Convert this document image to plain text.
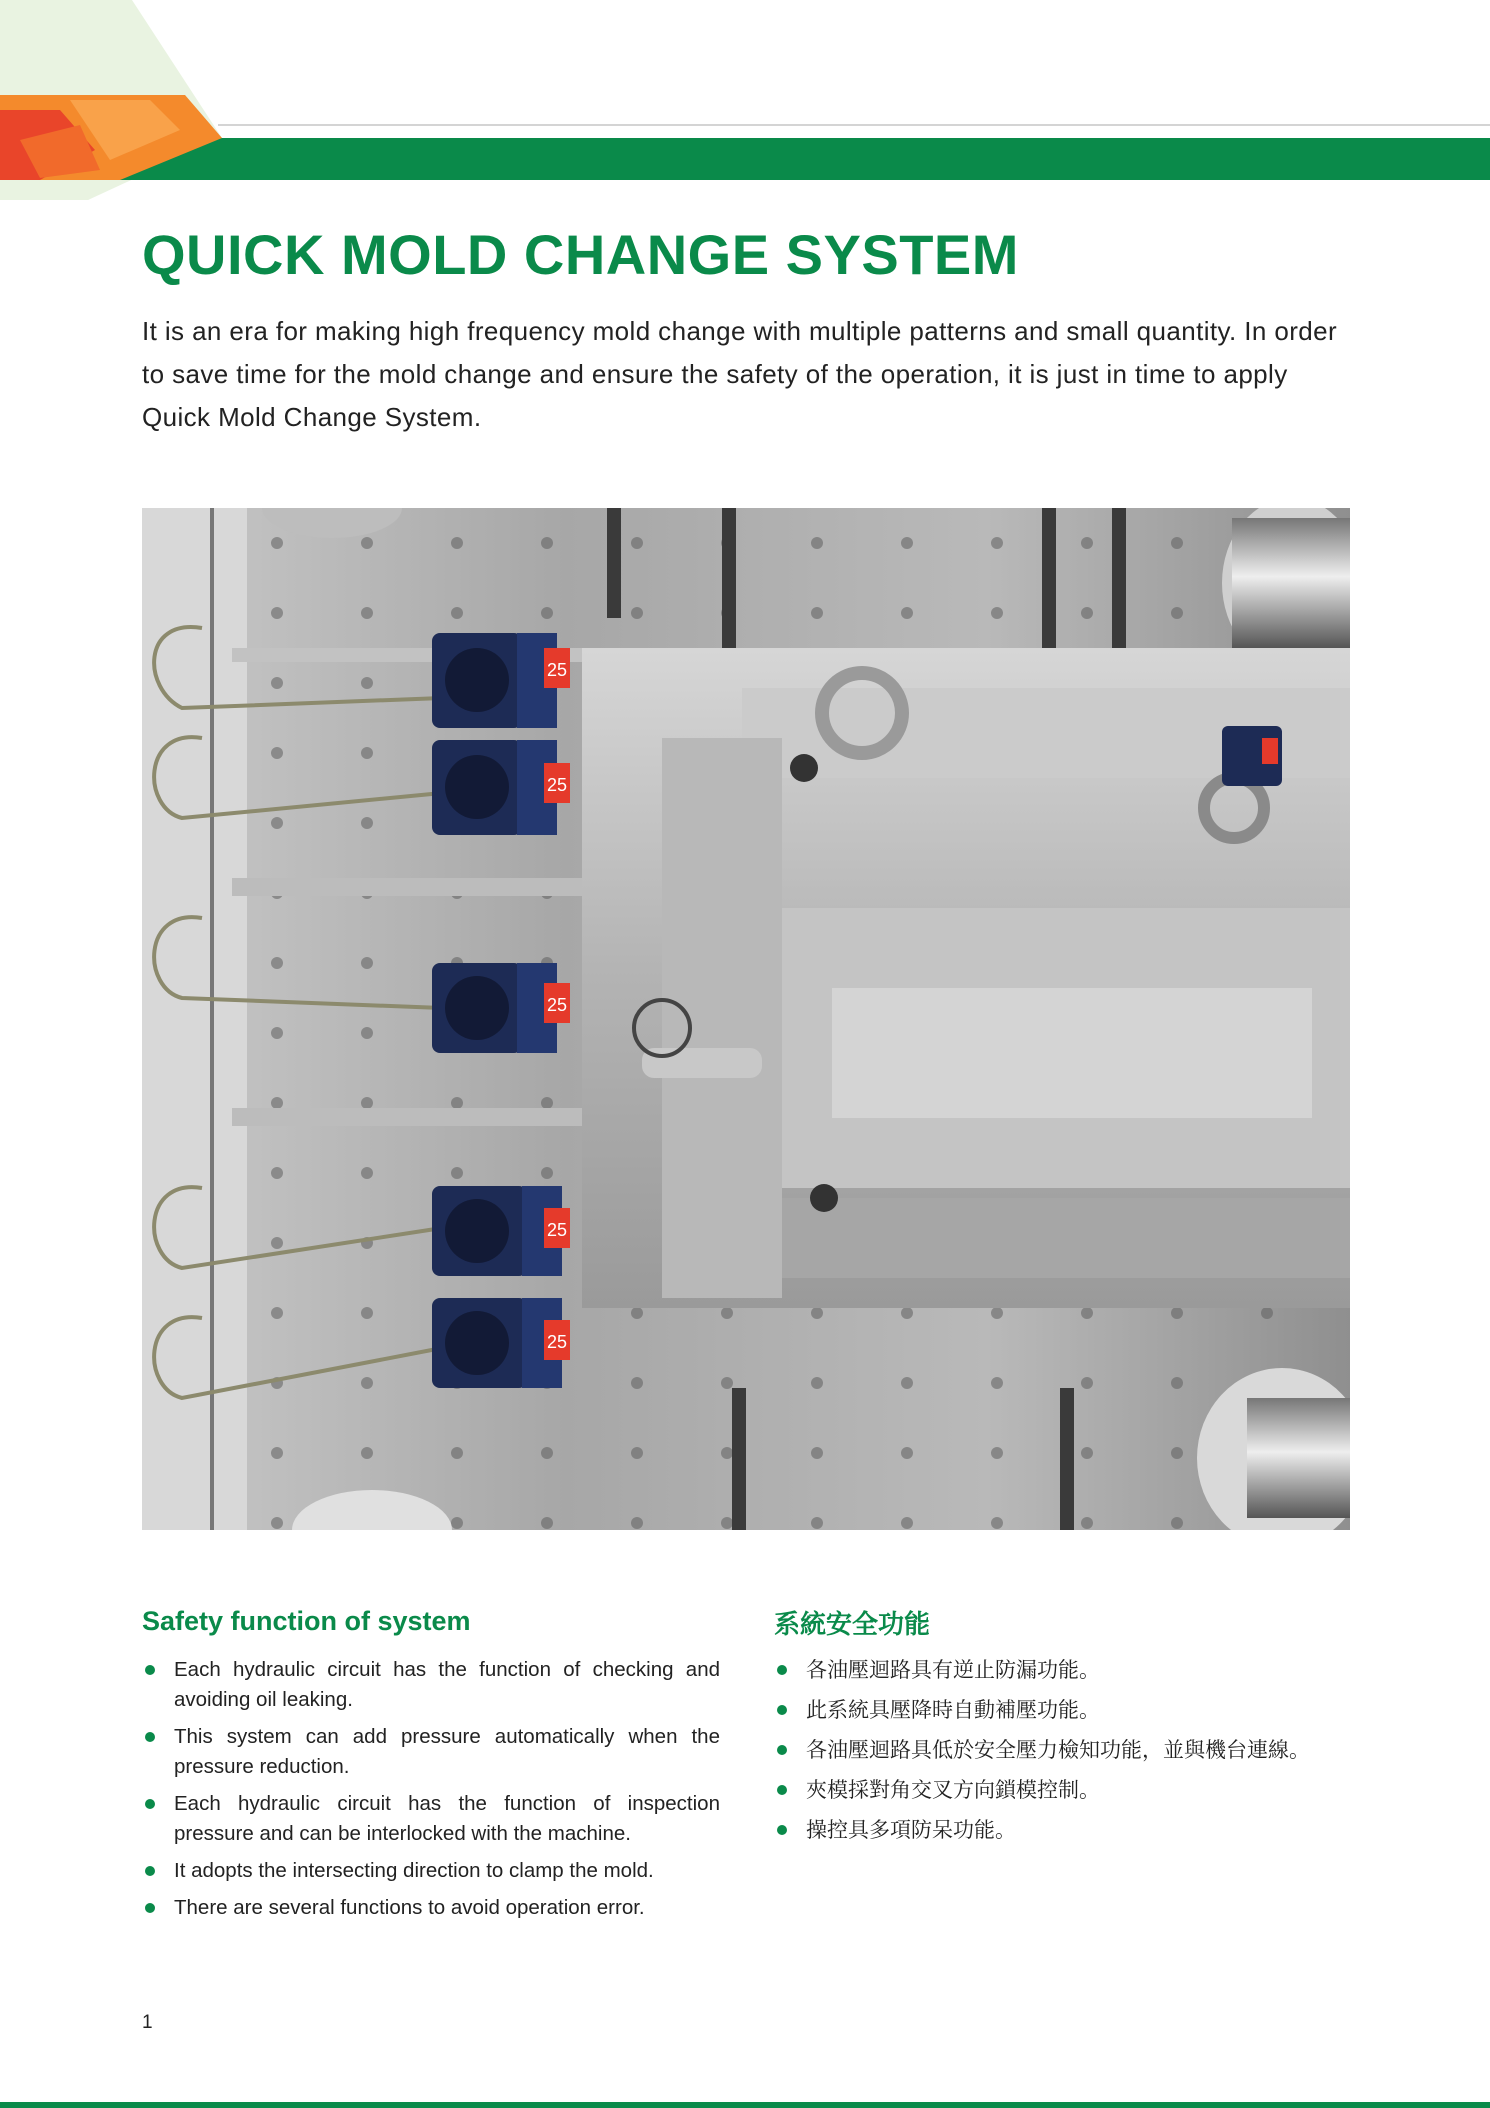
QUICK MOLD CHANGE SYSTEM

It is an era for making high frequency mold change with multiple patterns and small quantity. In order to save time for the mold change and ensure the safety of the operation, it is just in time to apply Quick Mold Change System.

25
25
25
25
25
Safety function of system
Each hydraulic circuit has the function of checking and avoiding oil leaking.
This system can add pressure automatically when the pressure reduction.
Each hydraulic circuit has the function of inspection pressure and can be interlocked with the machine.
It adopts the intersecting direction to clamp the mold.
There are several functions to avoid operation error.
系統安全功能
各油壓迴路具有逆止防漏功能。
此系統具壓降時自動補壓功能。
各油壓迴路具低於安全壓力檢知功能，並與機台連線。
夾模採對角交叉方向鎖模控制。
操控具多項防呆功能。
1
